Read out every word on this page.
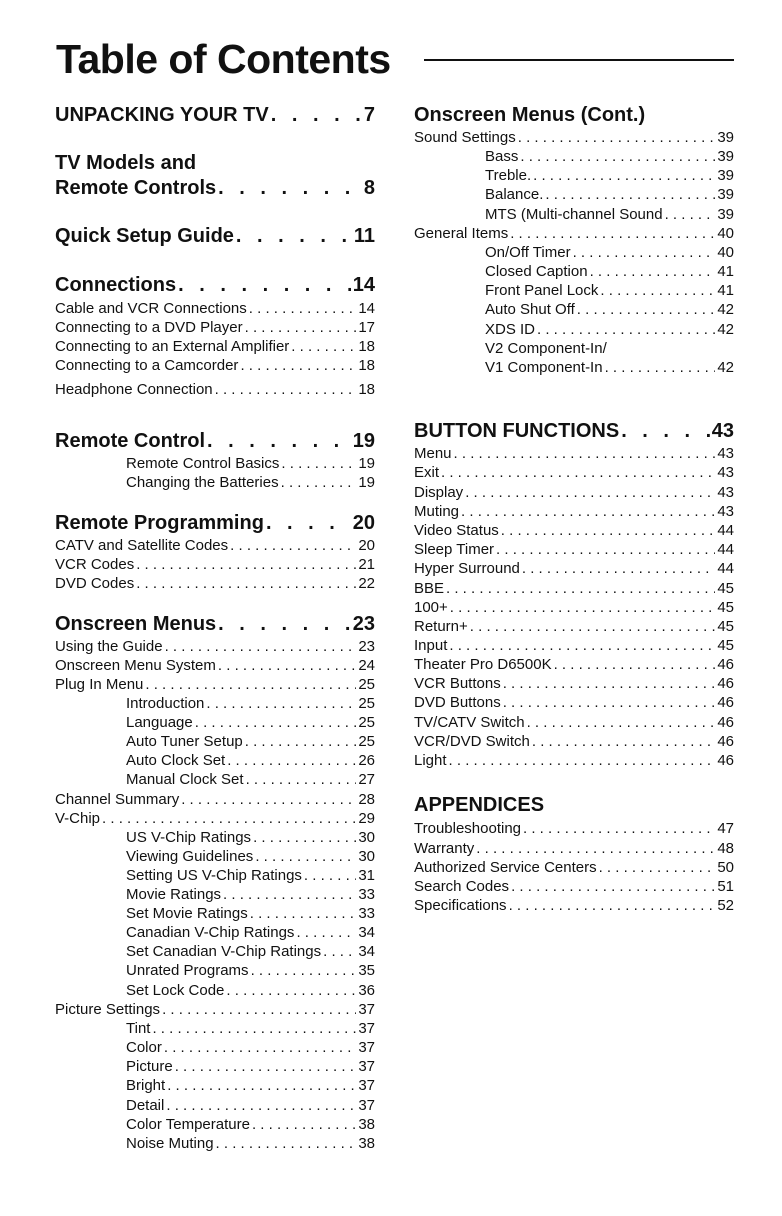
Table of Contents
UNPACKING YOUR TV . . .	7
TV Models and
Remote Controls . . .	8
Quick Setup Guide . . .	11
Connections . . .	14
Cable and VCR Connections . . .	14
Connecting to a DVD Player . . .	17
Connecting to an External Amplifier . . .	18
Connecting to a Camcorder . . .	18
Headphone Connection . . .	18
Remote Control . . .	19
Remote Control Basics . . .	19
Changing the Batteries . . .	19
Remote Programming . . .	20
CATV and Satellite Codes . . .	20
VCR Codes . . .	21
DVD Codes . . .	22
Onscreen Menus . . .	23
Using the Guide . . .	23
Onscreen Menu System . . .	24
Plug In Menu . . .	25
Introduction . . .	25
Language . . .	25
Auto Tuner Setup . . .	25
Auto Clock Set . . .	26
Manual Clock Set . . .	27
Channel Summary . . .	28
V-Chip . . .	29
US V-Chip Ratings . . .	30
Viewing Guidelines . . .	30
Setting US V-Chip Ratings . . .	31
Movie Ratings . . .	33
Set Movie Ratings . . .	33
Canadian V-Chip Ratings . . .	34
Set Canadian V-Chip Ratings . . . 34
Unrated Programs . . .	35
Set Lock Code . . .	36
Picture Settings . . .	37
Tint . . .	37
Color . . .	37
Picture . . .	37
Bright . . .	37
Detail . . .	37
Color Temperature . . .	38
Noise Muting . . .	38
Onscreen Menus (Cont.)
Sound Settings . . .	39
Bass . . .	39
Treble. . . .	39
Balance. . . .	39
MTS (Multi-channel Sound . . .	39
General Items . . .	40
On/Off Timer . . .	40
Closed Caption . . .	41
Front Panel Lock . . .	41
Auto Shut Off . . .	42
XDS ID . . .	42
V2 Component-In/
V1 Component-In . . .	42
BUTTON FUNCTIONS . . .	43
Menu . . .	43
Exit . . .	43
Display . . .	43
Muting . . .	43
Video Status . . .	44
Sleep Timer . . .	44
Hyper Surround . . .	44
BBE . . .	45
100+ . . .	45
Return+ . . .	45
Input . . .	45
Theater Pro D6500K . . .	46
VCR Buttons . . .	46
DVD Buttons . . .	46
TV/CATV Switch . . .	46
VCR/DVD Switch . . .	46
Light . . .	46
APPENDICES
Troubleshooting . . .	47
Warranty . . .	48
Authorized Service Centers . . .	50
Search Codes . . .	51
Specifications . . .	52
